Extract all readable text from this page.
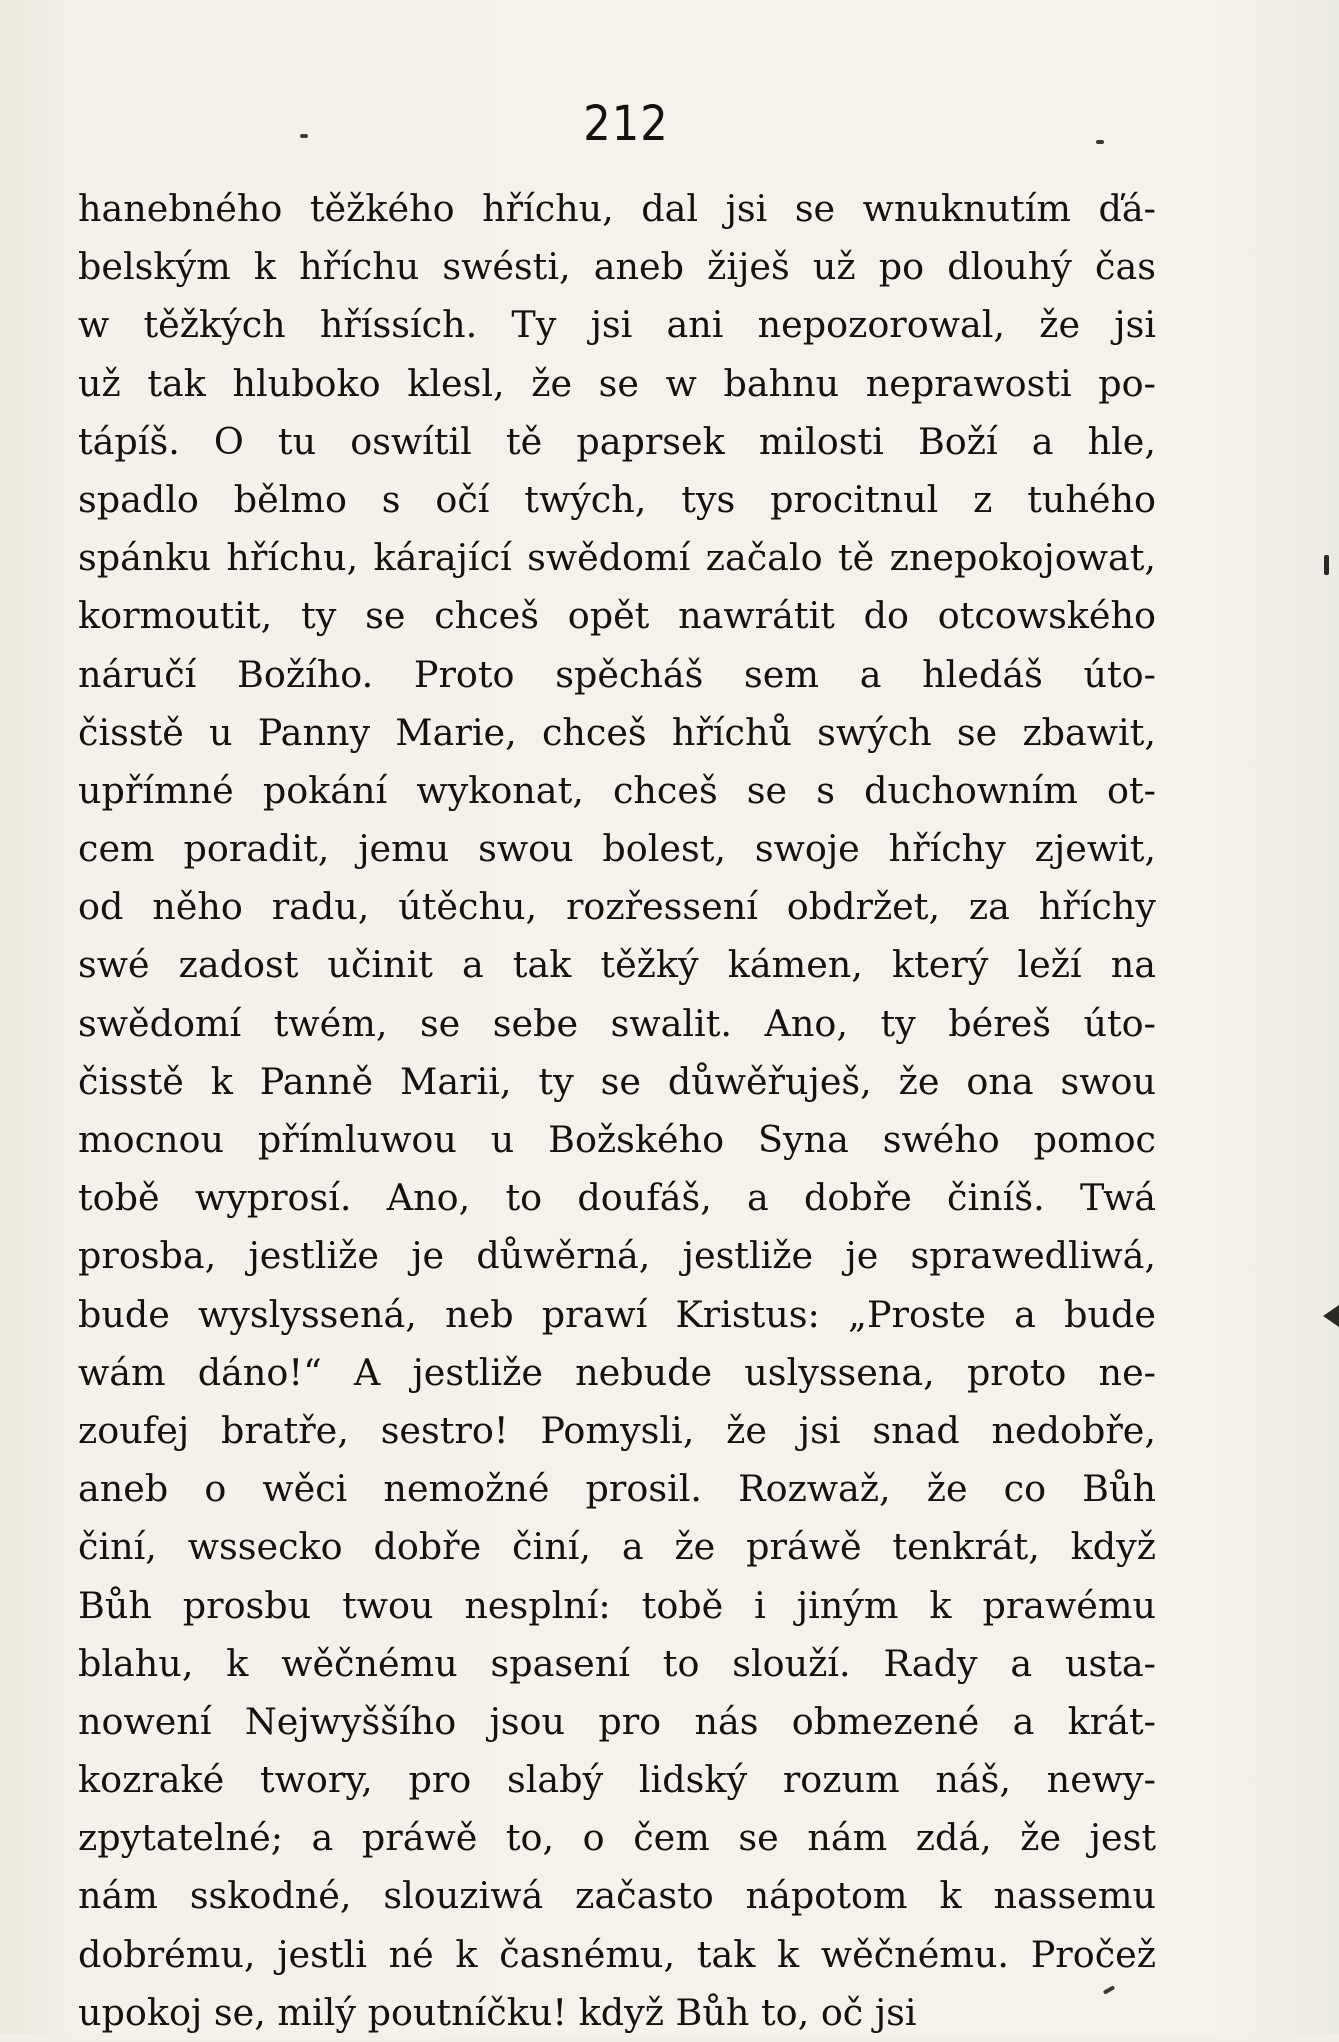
212
hanebného těžkého hříchu, dal jsi se wnuknutím ďá-
belským k hříchu swésti, aneb žiješ už po dlouhý čas
w těžkých hříssích. Ty jsi ani nepozorowal, že jsi
už tak hluboko klesl, že se w bahnu neprawosti po-
tápíš. O tu oswítil tě paprsek milosti Boží a hle,
spadlo bělmo s očí twých, tys procitnul z tuhého
spánku hříchu, kárající swědomí začalo tě znepokojowat,
kormoutit, ty se chceš opět nawrátit do otcowského
náručí Božího. Proto spěcháš sem a hledáš úto-
čisstě u Panny Marie, chceš hříchů swých se zbawit,
upřímné pokání wykonat, chceš se s duchowním ot-
cem poradit, jemu swou bolest, swoje hříchy zjewit,
od něho radu, útěchu, rozřessení obdržet, za hříchy
swé zadost učinit a tak těžký kámen, který leží na
swědomí twém, se sebe swalit. Ano, ty béreš úto-
čisstě k Panně Marii, ty se důwěřuješ, že ona swou
mocnou přímluwou u Božského Syna swého pomoc
tobě wyprosí. Ano, to doufáš, a dobře činíš. Twá
prosba, jestliže je důwěrná, jestliže je sprawedliwá,
bude wyslyssená, neb prawí Kristus: „Proste a bude
wám dáno!“ A jestliže nebude uslyssena, proto ne-
zoufej bratře, sestro! Pomysli, že jsi snad nedobře,
aneb o wěci nemožné prosil. Rozwaž, že co Bůh
činí, wssecko dobře činí, a že práwě tenkrát, když
Bůh prosbu twou nesplní: tobě i jiným k prawému
blahu, k wěčnému spasení to slouží. Rady a usta-
nowení Nejwyššího jsou pro nás obmezené a krát-
kozraké twory, pro slabý lidský rozum náš, newy-
zpytatelné; a práwě to, o čem se nám zdá, že jest
nám sskodné, slouziwá začasto nápotom k nassemu
dobrému, jestli né k časnému, tak k wěčnému. Pročež
upokoj se, milý poutníčku! když Bůh to, oč jsi
